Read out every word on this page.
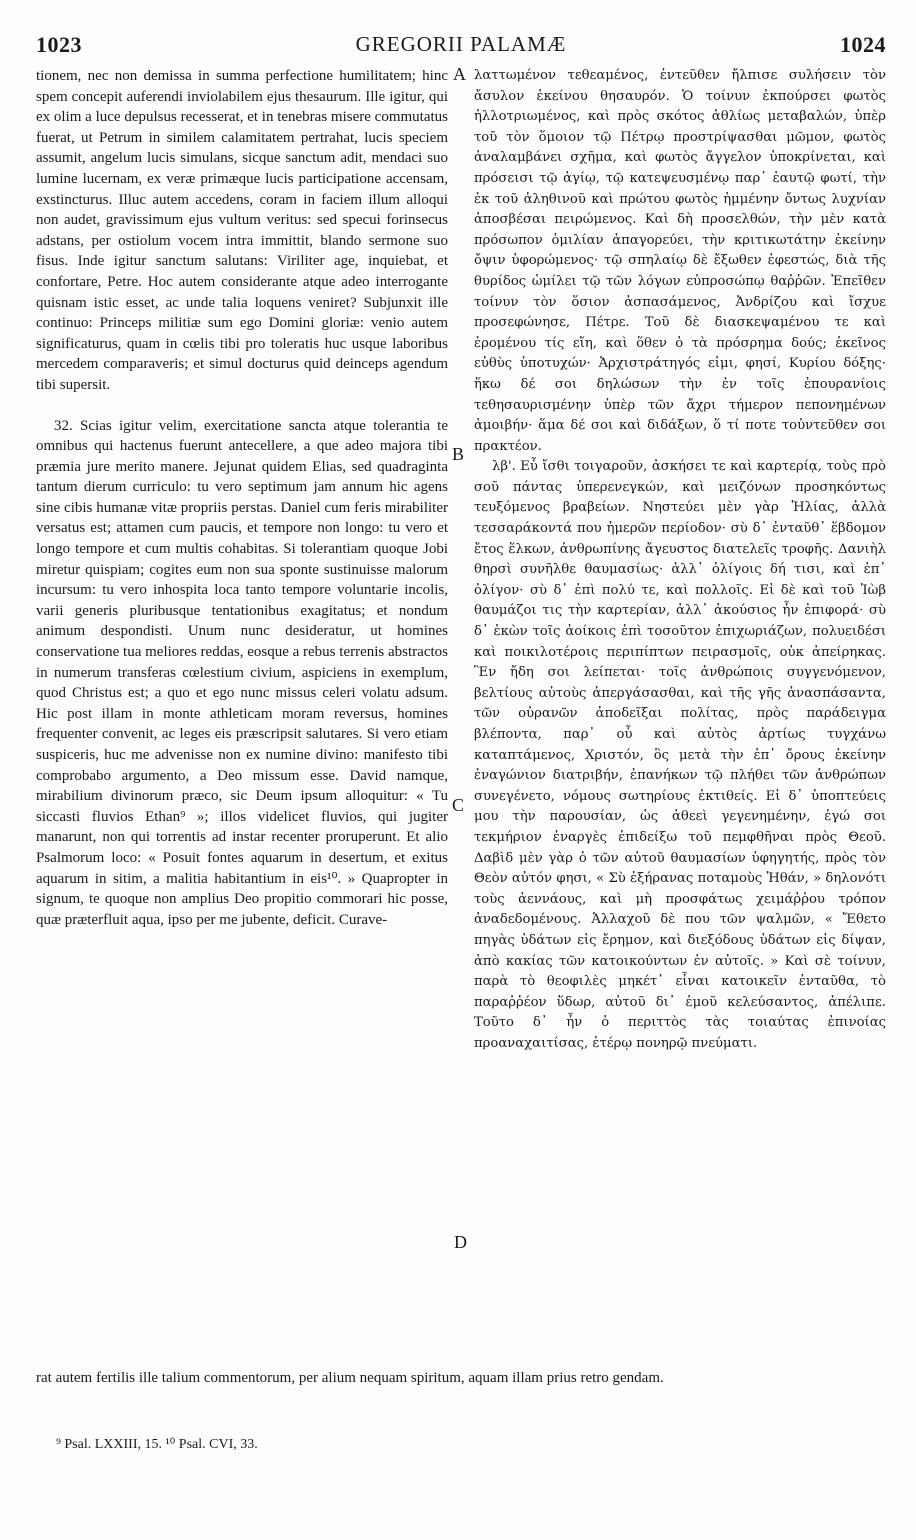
1023	GREGORII PALAMÆ	1024

tionem, nec non demissa in summa perfectione humilitatem; hinc spem concepit auferendi inviolabilem ejus thesaurum. Ille igitur, qui ex olim a luce depulsus recesserat, et in tenebras misere commutatus fuerat, ut Petrum in similem calamitatem pertrahat, lucis speciem assumit, angelum lucis simulans, sicque sanctum adit, mendaci suo lumine lucernam, ex veræ primæque lucis participatione accensam, exstincturus. Illuc autem accedens, coram in faciem illum alloqui non audet, gravissimum ejus vultum veritus: sed specui forinsecus adstans, per ostiolum vocem intra immittit, blando sermone suo fisus. Inde igitur sanctum salutans: Viriliter age, inquiebat, et confortare, Petre. Hoc autem considerante atque adeo interrogante quisnam istic esset, ac unde talia loquens veniret? Subjunxit ille continuo: Princeps militiæ sum ego Domini gloriæ: venio autem significaturus, quam in cœlis tibi pro toleratis huc usque laboribus mercedem comparaveris; et simul docturus quid deinceps agendum tibi supersit.

32. Scias igitur velim, exercitatione sancta atque tolerantia te omnibus qui hactenus fuerunt antecellere, a que adeo majora tibi præmia jure merito manere. Jejunat quidem Elias, sed quadraginta tantum dierum curriculo: tu vero septimum jam annum hic agens sine cibis humanæ vitæ propriis perstas. Daniel cum feris mirabiliter versatus est; attamen cum paucis, et tempore non longo: tu vero et longo tempore et cum multis cohabitas. Si tolerantiam quoque Jobi miretur quispiam; cogites eum non sua sponte sustinuisse malorum incursum: tu vero inhospita loca tanto tempore voluntarie incolis, varii generis pluribusque tentationibus exagitatus; et nondum animum despondisti. Unum nunc desideratur, ut homines conservatione tua meliores reddas, eosque a rebus terrenis abstractos in numerum transferas cœlestium civium, aspiciens in exemplum, quod Christus est; a quo et ego nunc missus celeri volatu adsum. Hic post illam in monte athleticam moram reversus, homines frequenter convenit, ac leges eis præscripsit salutares. Si vero etiam suspiceris, huc me advenisse non ex numine divino: manifesto tibi comprobabo argumento, a Deo missum esse. David namque, mirabilium divinorum præco, sic Deum ipsum alloquitur: « Tu siccasti fluvios Ethan⁹ »; illos videlicet fluvios, qui jugiter manarunt, non qui torrentis ad instar recenter proruperunt. Et alio Psalmorum loco: « Posuit fontes aquarum in desertum, et exitus aquarum in sitim, a malitia habitantium in eis¹⁰. » Quapropter in signum, te quoque non amplius Deo propitio commorari hic posse, quæ præterfluit aqua, ipso per me jubente, deficit. Curave-

λαττωμένον τεθεαμένος, ἐντεῦθεν ἤλπισε συλήσειν τὸν ἄσυλον ἐκείνου θησαυρόν. Ὁ τοίνυν ἐκπούρσει φωτὸς ἠλλοτριωμένος, καὶ πρὸς σκότος ἀθλίως μεταβαλών, ὑπὲρ τοῦ τὸν ὅμοιον τῷ Πέτρῳ προστρίψασθαι μῶμον, φωτὸς ἀναλαμβάνει σχῆμα, καὶ φωτὸς ἄγγελον ὑποκρίνεται, καὶ πρόσεισι τῷ ἁγίῳ, τῷ κατεψευσμένῳ παρ᾽ ἑαυτῷ φωτί, τὴν ἐκ τοῦ ἀληθινοῦ καὶ πρώτου φωτὸς ἡμμένην ὄντως λυχνίαν ἀποσβέσαι πειρώμενος. Καὶ δὴ προσελθών, τὴν μὲν κατὰ πρόσωπον ὁμιλίαν ἀπαγορεύει, τὴν κριτικωτάτην ἐκείνην ὄψιν ὑφορώμενος· τῷ σπηλαίῳ δὲ ἔξωθεν ἐφεστώς, διὰ τῆς θυρίδος ὡμίλει τῷ τῶν λόγων εὐπροσώπῳ θαῤῥῶν. Ἐπεῖθεν τοίνυν τὸν ὅσιον ἀσπασάμενος, Ἀνδρίζου καὶ ἴσχυε προσεφώνησε, Πέτρε. Τοῦ δὲ διασκεψαμένου τε καὶ ἐρομένου τίς εἴη, καὶ ὅθεν ὁ τὰ πρόσρημα δούς; ἐκεῖνος εὐθὺς ὑποτυχών· Ἀρχιστράτηγός εἰμι, φησί, Κυρίου δόξης· ἥκω δέ σοι δηλώσων τὴν ἐν τοῖς ἐπουρανίοις τεθησαυρισμένην ὑπὲρ τῶν ἄχρι τήμερον πεπονημένων ἀμοιβήν· ἅμα δέ σοι καὶ διδάξων, ὅ τί ποτε τοὐντεῦθεν σοι πρακτέον.

λβ'. Εὖ ἴσθι τοιγαροῦν, ἀσκήσει τε καὶ καρτερίᾳ, τοὺς πρὸ σοῦ πάντας ὑπερενεγκών, καὶ μειζόνων προσηκόντως τευξόμενος βραβείων. Νηστεύει μὲν γὰρ Ἠλίας, ἀλλὰ τεσσαράκοντά που ἡμερῶν περίοδον· σὺ δ᾽ ἐνταῦθ᾽ ἕβδομον ἔτος ἕλκων, ἀνθρωπίνης ἄγευστος διατελεῖς τροφῆς. Δανιὴλ θηρσὶ συνῆλθε θαυμασίως· ἀλλ᾽ ὀλίγοις δή τισι, καὶ ἐπ᾽ ὀλίγον· σὺ δ᾽ ἐπὶ πολύ τε, καὶ πολλοῖς. Εἰ δὲ καὶ τοῦ Ἰὼβ θαυμάζοι τις τὴν καρτερίαν, ἀλλ᾽ ἀκούσιος ἦν ἐπιφορά· σὺ δ᾽ ἑκὼν τοῖς ἀοίκοις ἐπὶ τοσοῦτον ἐπιχωριάζων, πολυειδέσι καὶ ποικιλοτέροις περιπίπτων πειρασμοῖς, οὐκ ἀπείρηκας. Ἓν ἤδη σοι λείπεται· τοῖς ἀνθρώποις συγγενόμενον, βελτίους αὐτοὺς ἀπεργάσασθαι, καὶ τῆς γῆς ἀνασπάσαντα, τῶν οὐρανῶν ἀποδεῖξαι πολίτας, πρὸς παράδειγμα βλέποντα, παρ᾽ οὗ καὶ αὐτὸς ἀρτίως τυγχάνω καταπτάμενος, Χριστόν, ὃς μετὰ τὴν ἐπ᾽ ὄρους ἐκείνην ἐναγώνιον διατριβήν, ἐπανήκων τῷ πλήθει τῶν ἀνθρώπων συνεγένετο, νόμους σωτηρίους ἐκτιθείς. Εἰ δ᾽ ὑποπτεύεις μου τὴν παρουσίαν, ὡς ἀθεεὶ γεγενημένην, ἐγώ σοι τεκμήριον ἐναργὲς ἐπιδείξω τοῦ πεμφθῆναι πρὸς Θεοῦ. Δαβὶδ μὲν γὰρ ὁ τῶν αὐτοῦ θαυμασίων ὑφηγητής, πρὸς τὸν Θεὸν αὐτόν φησι, « Σὺ ἐξήρανας ποταμοὺς Ἠθάν, » δηλονότι τοὺς ἀεννάους, καὶ μὴ προσφάτως χειμάῤῥου τρόπον ἀναδεδομένους. Ἀλλαχοῦ δὲ που τῶν ψαλμῶν, « Ἔθετο πηγὰς ὑδάτων εἰς ἔρημον, καὶ διεξόδους ὑδάτων εἰς δίψαν, ἀπὸ κακίας τῶν κατοικούντων ἐν αὐτοῖς. » Καὶ σὲ τοίνυν, παρὰ τὸ θεοφιλὲς μηκέτ᾽ εἶναι κατοικεῖν ἐνταῦθα, τὸ παραῤῥέον ὕδωρ, αὐτοῦ δι᾽ ἐμοῦ κελεύσαντος, ἀπέλιπε. Τοῦτο δ᾽ ἦν ὁ περιττὸς τὰς τοιαύτας ἐπινοίας προαναχαιτίσας, ἑτέρῳ πονηρῷ πνεύματι.

A
B
C
D
rat autem fertilis ille talium commentorum, per alium nequam spiritum, aquam illam prius retro gendam.
⁹ Psal. LXXIII, 15. ¹⁰ Psal. CVI, 33.
